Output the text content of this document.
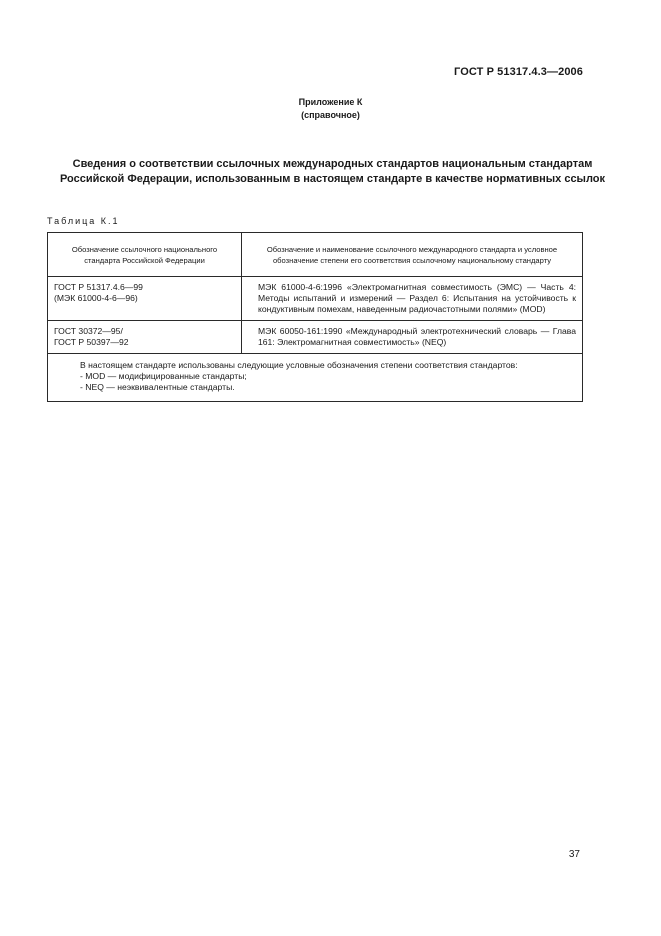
ГОСТ Р 51317.4.3—2006
Приложение К
(справочное)
Сведения о соответствии ссылочных международных стандартов национальным стандартам Российской Федерации, использованным в настоящем стандарте в качестве нормативных ссылок
Таблица К.1
Обозначение ссылочного национального стандарта Российской Федерации	Обозначение и наименование ссылочного международного стандарта и условное обозначение степени его соответствия ссылочному национальному стандарту
ГОСТ Р 51317.4.6—99
(МЭК 61000-4-6—96)	МЭК 61000-4-6:1996 «Электромагнитная совместимость (ЭМС) — Часть 4: Методы испытаний и измерений — Раздел 6: Испытания на устойчивость к кондуктивным помехам, наведенным радиочастотными полями» (MOD)
ГОСТ 30372—95/
ГОСТ Р 50397—92	МЭК 60050-161:1990 «Международный электротехнический словарь — Глава 161: Электромагнитная совместимость» (NEQ)

В настоящем стандарте использованы следующие условные обозначения степени соответствия стандартов:

- MOD — модифицированные стандарты;

- NEQ — неэквивалентные стандарты.	

37
